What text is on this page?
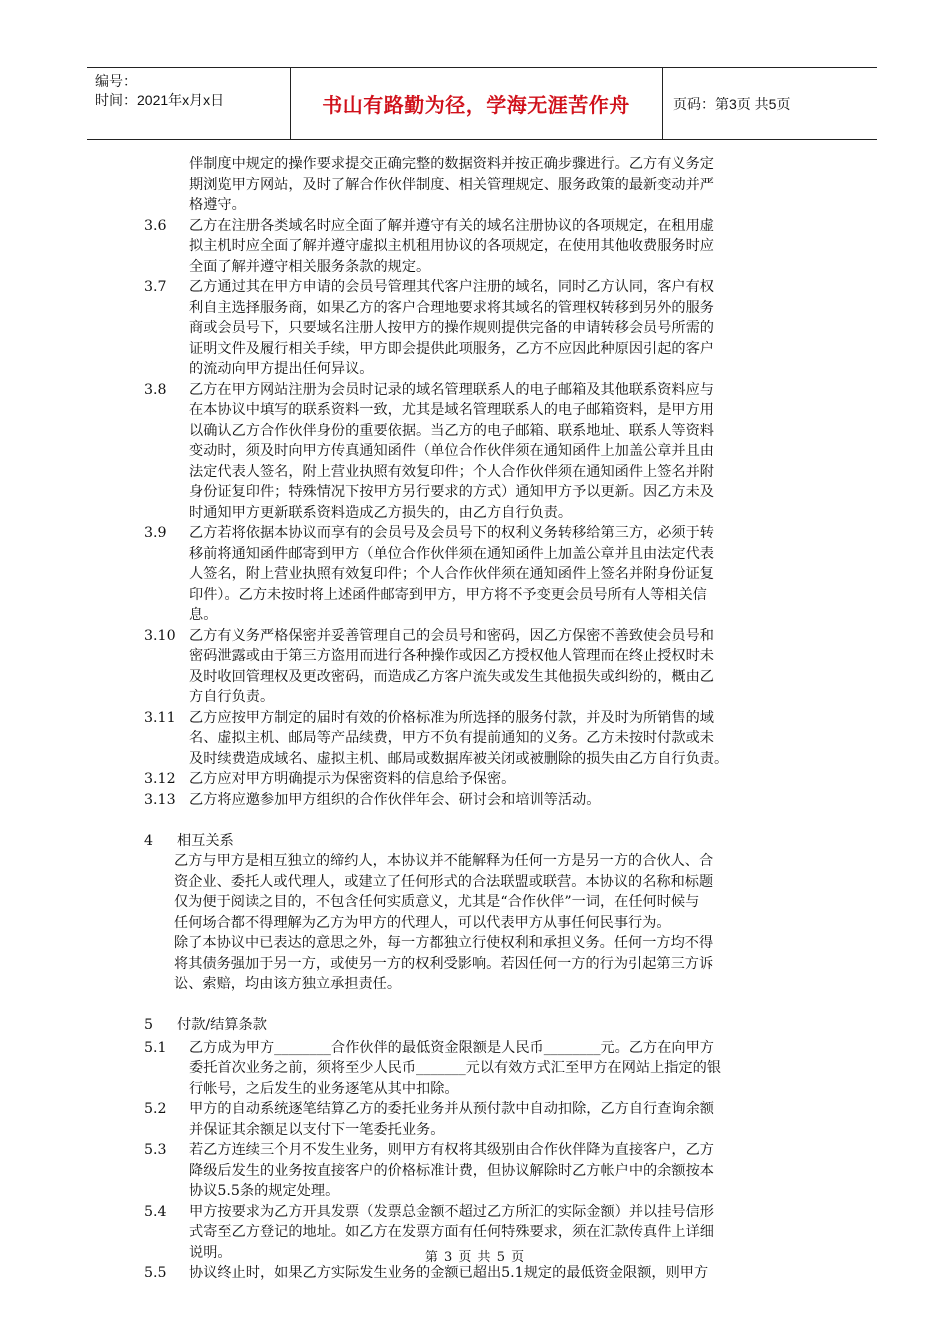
编号：
时间：2021年x月x日	书山有路勤为径，学海无涯苦作舟	页码：第3页 共5页
伴制度中规定的操作要求提交正确完整的数据资料并按正确步骤进行。乙方有义务定
期浏览甲方网站，及时了解合作伙伴制度、相关管理规定、服务政策的最新变动并严
格遵守。
3.6 乙方在注册各类域名时应全面了解并遵守有关的域名注册协议的各项规定，在租用虚
拟主机时应全面了解并遵守虚拟主机租用协议的各项规定，在使用其他收费服务时应
全面了解并遵守相关服务条款的规定。
3.7 乙方通过其在甲方申请的会员号管理其代客户注册的域名，同时乙方认同，客户有权
利自主选择服务商，如果乙方的客户合理地要求将其域名的管理权转移到另外的服务
商或会员号下，只要域名注册人按甲方的操作规则提供完备的申请转移会员号所需的
证明文件及履行相关手续，甲方即会提供此项服务，乙方不应因此种原因引起的客户
的流动向甲方提出任何异议。
3.8 乙方在甲方网站注册为会员时记录的域名管理联系人的电子邮箱及其他联系资料应与
在本协议中填写的联系资料一致，尤其是域名管理联系人的电子邮箱资料，是甲方用
以确认乙方合作伙伴身份的重要依据。当乙方的电子邮箱、联系地址、联系人等资料
变动时，须及时向甲方传真通知函件（单位合作伙伴须在通知函件上加盖公章并且由
法定代表人签名，附上营业执照有效复印件；个人合作伙伴须在通知函件上签名并附
身份证复印件；特殊情况下按甲方另行要求的方式）通知甲方予以更新。因乙方未及
时通知甲方更新联系资料造成乙方损失的，由乙方自行负责。
3.9 乙方若将依据本协议而享有的会员号及会员号下的权利义务转移给第三方，必须于转
移前将通知函件邮寄到甲方（单位合作伙伴须在通知函件上加盖公章并且由法定代表
人签名，附上营业执照有效复印件；个人合作伙伴须在通知函件上签名并附身份证复
印件）。乙方未按时将上述函件邮寄到甲方，甲方将不予变更会员号所有人等相关信
息。
3.10 乙方有义务严格保密并妥善管理自己的会员号和密码，因乙方保密不善致使会员号和
密码泄露或由于第三方盗用而进行各种操作或因乙方授权他人管理而在终止授权时未
及时收回管理权及更改密码，而造成乙方客户流失或发生其他损失或纠纷的，概由乙
方自行负责。
3.11 乙方应按甲方制定的届时有效的价格标准为所选择的服务付款，并及时为所销售的域
名、虚拟主机、邮局等产品续费，甲方不负有提前通知的义务。乙方未按时付款或未
及时续费造成域名、虚拟主机、邮局或数据库被关闭或被删除的损失由乙方自行负责。
3.12 乙方应对甲方明确提示为保密资料的信息给予保密。
3.13 乙方将应邀参加甲方组织的合作伙伴年会、研讨会和培训等活动。
4 相互关系
乙方与甲方是相互独立的缔约人，本协议并不能解释为任何一方是另一方的合伙人、合
资企业、委托人或代理人，或建立了任何形式的合法联盟或联营。本协议的名称和标题
仅为便于阅读之目的，不包含任何实质意义，尤其是“合作伙伴”一词，在任何时候与
任何场合都不得理解为乙方为甲方的代理人，可以代表甲方从事任何民事行为。
除了本协议中已表达的意思之外，每一方都独立行使权利和承担义务。任何一方均不得
将其债务强加于另一方，或使另一方的权利受影响。若因任何一方的行为引起第三方诉
讼、索赔，均由该方独立承担责任。
5 付款/结算条款
5.1 乙方成为甲方________合作伙伴的最低资金限额是人民币________元。乙方在向甲方
委托首次业务之前，须将至少人民币_______元以有效方式汇至甲方在网站上指定的银
行帐号，之后发生的业务逐笔从其中扣除。
5.2 甲方的自动系统逐笔结算乙方的委托业务并从预付款中自动扣除，乙方自行查询余额
并保证其余额足以支付下一笔委托业务。
5.3 若乙方连续三个月不发生业务，则甲方有权将其级别由合作伙伴降为直接客户，乙方
降级后发生的业务按直接客户的价格标准计费，但协议解除时乙方帐户中的余额按本
协议5.5条的规定处理。
5.4 甲方按要求为乙方开具发票（发票总金额不超过乙方所汇的实际金额）并以挂号信形
式寄至乙方登记的地址。如乙方在发票方面有任何特殊要求，须在汇款传真件上详细
说明。
5.5 协议终止时，如果乙方实际发生业务的金额已超出5.1规定的最低资金限额，则甲方
第 3 页 共 5 页
